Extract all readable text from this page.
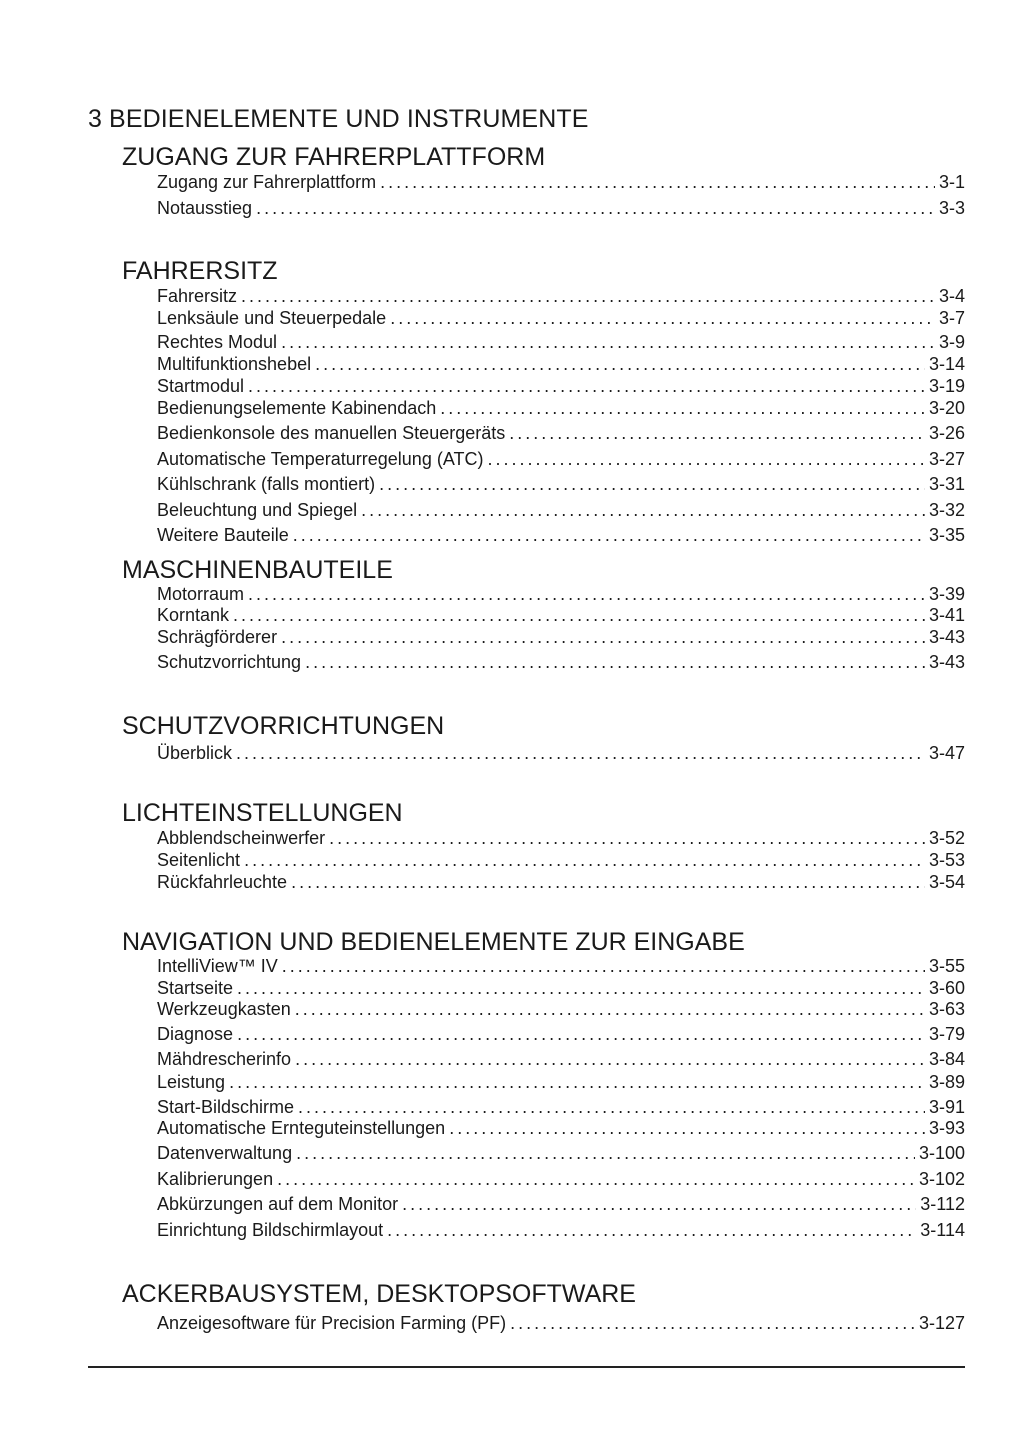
3 BEDIENELEMENTE UND INSTRUMENTE
ZUGANG ZUR FAHRERPLATTFORM
Zugang zur Fahrerplattform . . .	3-1
Notausstieg . . .	3-3
FAHRERSITZ
Fahrersitz . . .	3-4
Lenksäule und Steuerpedale . . .	3-7
Rechtes Modul . . .	3-9
Multifunktionshebel . . .	3-14
Startmodul . . .	3-19
Bedienungselemente Kabinendach . . .	3-20
Bedienkonsole des manuellen Steuergeräts . . .	3-26
Automatische Temperaturregelung (ATC) . . .	3-27
Kühlschrank (falls montiert) . . .	3-31
Beleuchtung und Spiegel . . .	3-32
Weitere Bauteile . . .	3-35
MASCHINENBAUTEILE
Motorraum . . .	3-39
Korntank . . .	3-41
Schrägförderer . . .	3-43
Schutzvorrichtung . . .	3-43
SCHUTZVORRICHTUNGEN
Überblick . . .	3-47
LICHTEINSTELLUNGEN
Abblendscheinwerfer . . .	3-52
Seitenlicht . . .	3-53
Rückfahrleuchte . . .	3-54
NAVIGATION UND BEDIENELEMENTE ZUR EINGABE
IntelliView™ IV . . .	3-55
Startseite . . .	3-60
Werkzeugkasten . . .	3-63
Diagnose . . .	3-79
Mähdrescherinfo . . .	3-84
Leistung . . .	3-89
Start-Bildschirme . . .	3-91
Automatische Ernteguteinstellungen . . .	3-93
Datenverwaltung . . .	3-100
Kalibrierungen . . .	3-102
Abkürzungen auf dem Monitor . . .	3-112
Einrichtung Bildschirmlayout . . .	3-114
ACKERBAUSYSTEM, DESKTOPSOFTWARE
Anzeigesoftware für Precision Farming (PF) . . .	3-127
